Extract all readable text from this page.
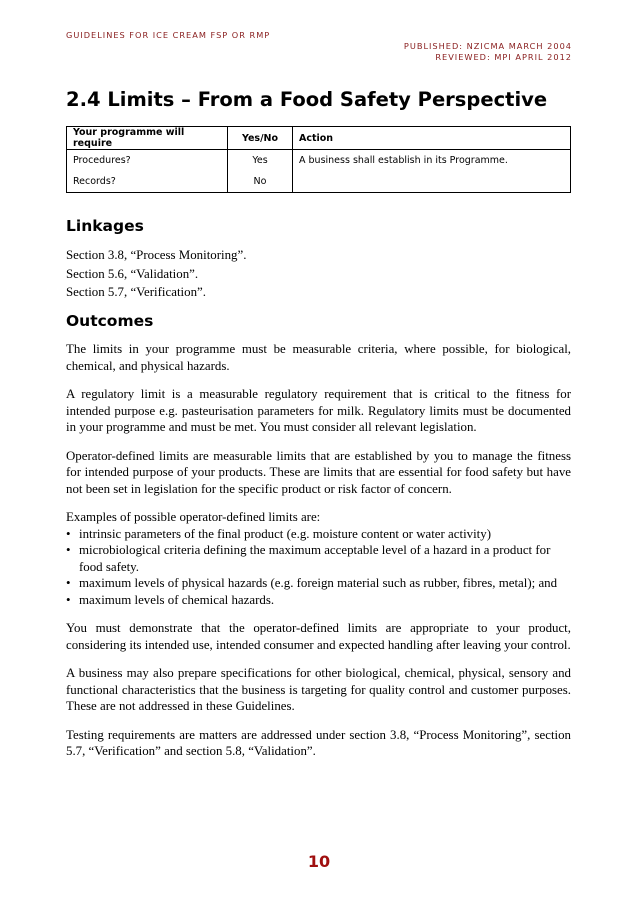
GUIDELINES FOR ICE CREAM FSP OR RMP
PUBLISHED: NZICMA MARCH 2004
REVIEWED: MPI APRIL 2012
2.4 Limits – From a Food Safety Perspective
Your programme will require	Yes/No	Action
Procedures?	Yes	A business shall establish in its Programme.
Records?	No	
Linkages
Section 3.8, “Process Monitoring”.
Section 5.6, “Validation”.
Section 5.7, “Verification”.
Outcomes

The limits in your programme must be measurable criteria, where possible, for biological, chemical, and physical hazards.

A regulatory limit is a measurable regulatory requirement that is critical to the fitness for intended purpose e.g. pasteurisation parameters for milk. Regulatory limits must be documented in your programme and must be met. You must consider all relevant legislation.

Operator-defined limits are measurable limits that are established by you to manage the fitness for intended purpose of your products. These are limits that are essential for food safety but have not been set in legislation for the specific product or risk factor of concern.

Examples of possible operator-defined limits are:

• intrinsic parameters of the final product (e.g. moisture content or water activity)
• microbiological criteria defining the maximum acceptable level of a hazard in a product for food safety.
• maximum levels of physical hazards (e.g. foreign material such as rubber, fibres, metal); and
• maximum levels of chemical hazards.

You must demonstrate that the operator-defined limits are appropriate to your product, considering its intended use, intended consumer and expected handling after leaving your control.

A business may also prepare specifications for other biological, chemical, physical, sensory and functional characteristics that the business is targeting for quality control and customer purposes. These are not addressed in these Guidelines.

Testing requirements are matters are addressed under section 3.8, “Process Monitoring”, section 5.7, “Verification” and section 5.8, “Validation”.

10
